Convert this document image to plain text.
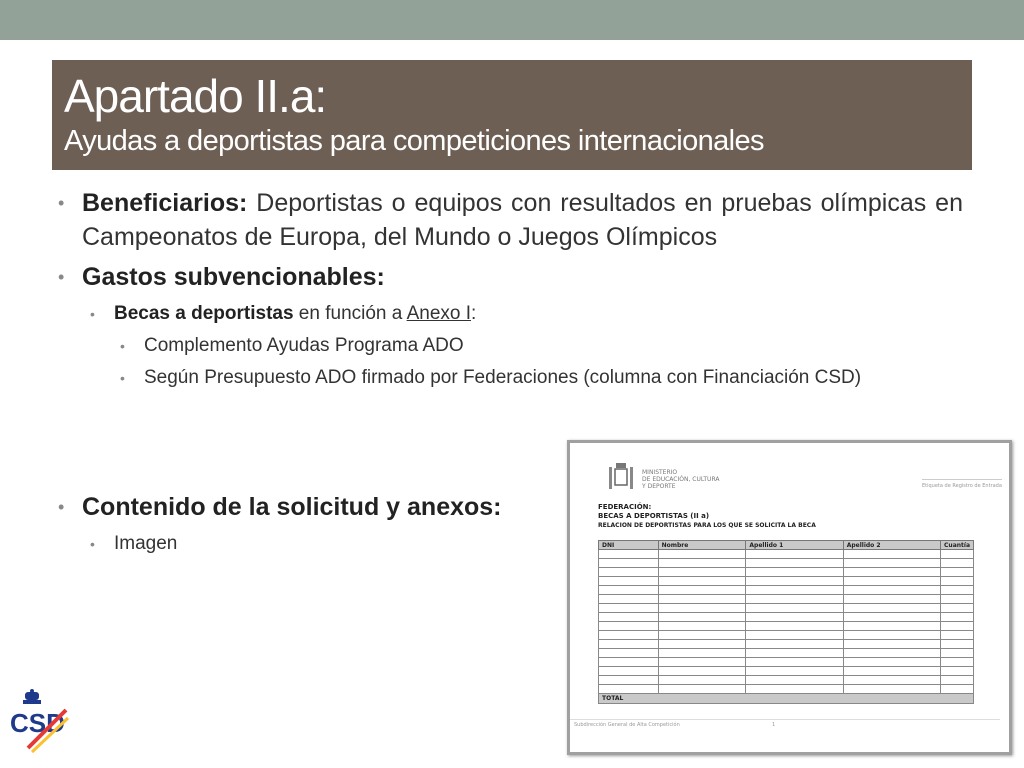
Apartado II.a:
Ayudas a deportistas para competiciones internacionales
• Beneficiarios: Deportistas o equipos con resultados en pruebas olímpicas en Campeonatos de Europa, del Mundo o Juegos Olímpicos
• Gastos subvencionables:
• Becas a deportistas en función a Anexo I:
• Complemento Ayudas Programa ADO
• Según Presupuesto ADO firmado por Federaciones (columna con Financiación CSD)
• Contenido de la solicitud y anexos:
• Imagen
CSD
MINISTERIO
DE EDUCACIÓN, CULTURA
Y DEPORTE	Etiqueta de Registro de Entrada
FEDERACIÓN:
BECAS A DEPORTISTAS (II a)
RELACION DE DEPORTISTAS PARA LOS QUE SE SOLICITA LA BECA
DNI	Nombre	Apellido 1	Apellido 2	Cuantía

TOTAL				
Subdirección General de Alta Competición	1
